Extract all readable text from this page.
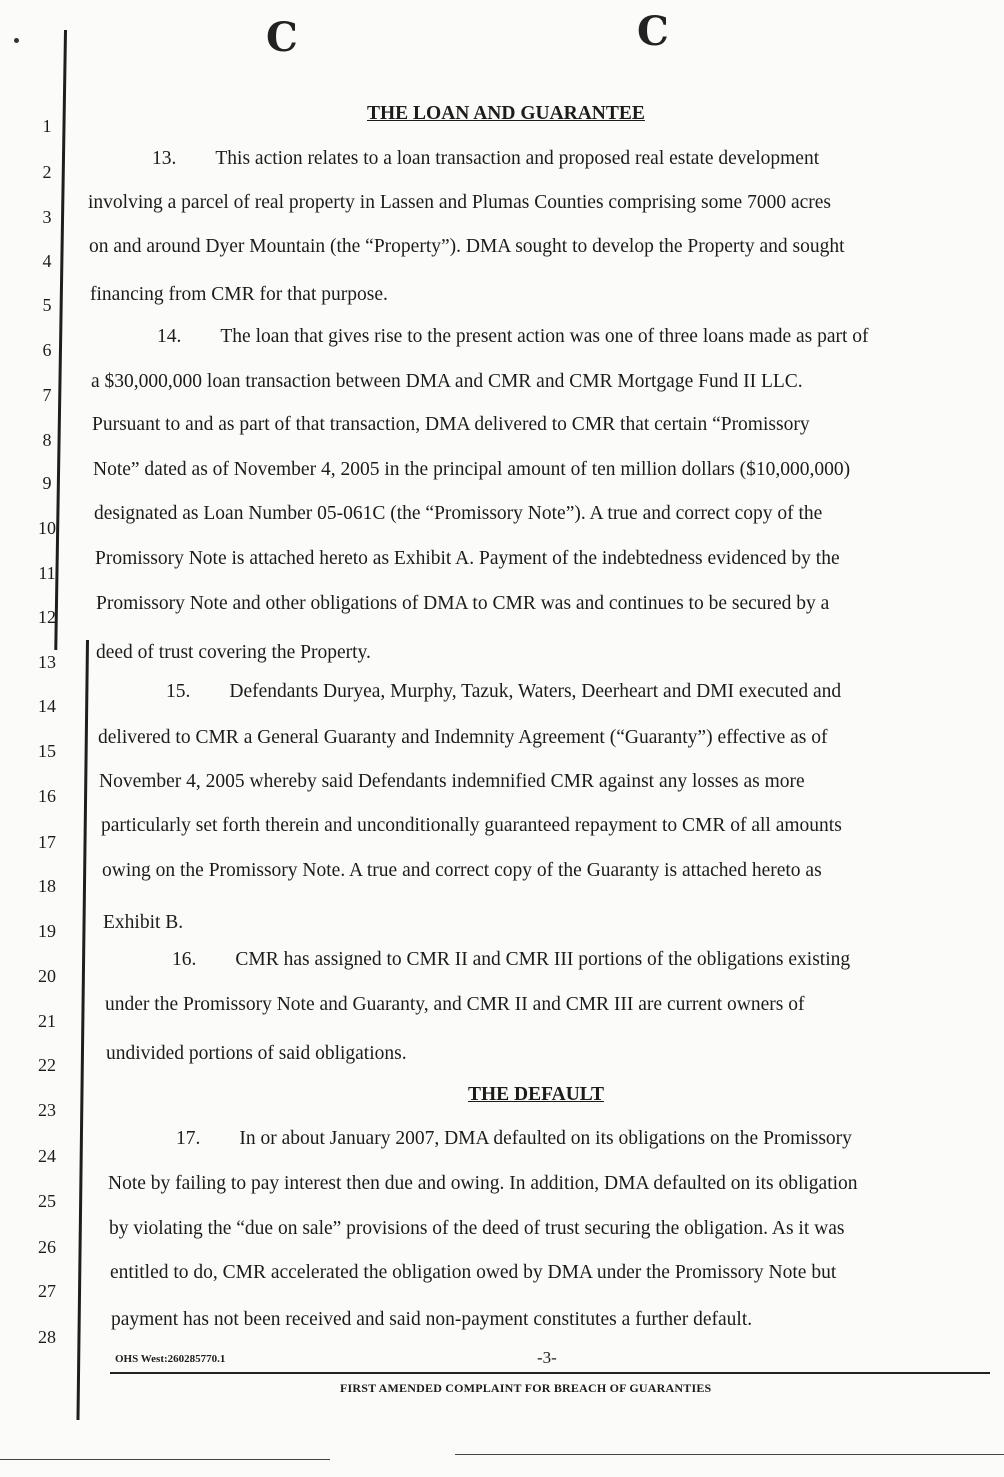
C	C
1
2
3
4
5
6
7
8
9
10
11
12
13
14
15
16
17
18
19
20
21
22
23
24
25
26
27
28
THE LOAN AND GUARANTEE
13.  This action relates to a loan transaction and proposed real estate development
involving a parcel of real property in Lassen and Plumas Counties comprising some 7000 acres
on and around Dyer Mountain (the “Property”). DMA sought to develop the Property and sought
financing from CMR for that purpose.
14.  The loan that gives rise to the present action was one of three loans made as part of
a $30,000,000 loan transaction between DMA and CMR and CMR Mortgage Fund II LLC.
Pursuant to and as part of that transaction, DMA delivered to CMR that certain “Promissory
Note” dated as of November 4, 2005 in the principal amount of ten million dollars ($10,000,000)
designated as Loan Number 05-061C (the “Promissory Note”). A true and correct copy of the
Promissory Note is attached hereto as Exhibit A. Payment of the indebtedness evidenced by the
Promissory Note and other obligations of DMA to CMR was and continues to be secured by a
deed of trust covering the Property.
15.  Defendants Duryea, Murphy, Tazuk, Waters, Deerheart and DMI executed and
delivered to CMR a General Guaranty and Indemnity Agreement (“Guaranty”) effective as of
November 4, 2005 whereby said Defendants indemnified CMR against any losses as more
particularly set forth therein and unconditionally guaranteed repayment to CMR of all amounts
owing on the Promissory Note. A true and correct copy of the Guaranty is attached hereto as
Exhibit B.
16.  CMR has assigned to CMR II and CMR III portions of the obligations existing
under the Promissory Note and Guaranty, and CMR II and CMR III are current owners of
undivided portions of said obligations.
17.  In or about January 2007, DMA defaulted on its obligations on the Promissory
Note by failing to pay interest then due and owing. In addition, DMA defaulted on its obligation
by violating the “due on sale” provisions of the deed of trust securing the obligation. As it was
entitled to do, CMR accelerated the obligation owed by DMA under the Promissory Note but
payment has not been received and said non-payment constitutes a further default.
THE DEFAULT
OHS West:260285770.1	-3-
FIRST AMENDED COMPLAINT FOR BREACH OF GUARANTIES
